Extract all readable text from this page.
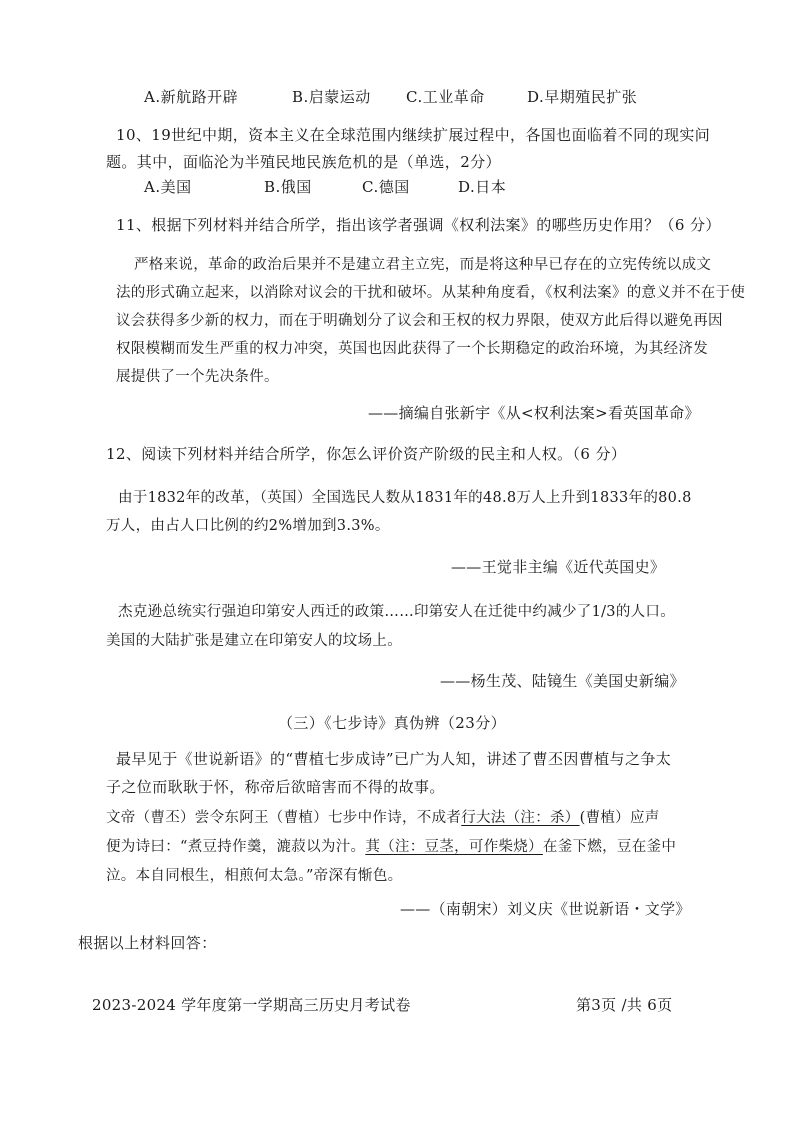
A.新航路开辟	B.启蒙运动 C.工业革命	D.早期殖民扩张
10、19世纪中期，资本主义在全球范围内继续扩展过程中，各国也面临着不同的现实问
题。其中，面临沦为半殖民地民族危机的是（单选，2分）
A.美国	B.俄国	C.德国	D.日本
11、根据下列材料并结合所学，指出该学者强调《权利法案》的哪些历史作用？（6 分）
严格来说，革命的政治后果并不是建立君主立宪，而是将这种早已存在的立宪传统以成文
法的形式确立起来，以消除对议会的干扰和破坏。从某种角度看，《权利法案》的意义并不在于使
议会获得多少新的权力，而在于明确划分了议会和王权的权力界限，使双方此后得以避免再因
权限模糊而发生严重的权力冲突，英国也因此获得了一个长期稳定的政治环境，为其经济发
展提供了一个先决条件。
——摘编自张新宇《从<权利法案>看英国革命》
12、阅读下列材料并结合所学，你怎么评价资产阶级的民主和人权。（6 分）
由于1832年的改革，（英国）全国选民人数从1831年的48.8万人上升到1833年的80.8
万人，由占人口比例的约2%增加到3.3%。
——王觉非主编《近代英国史》
杰克逊总统实行强迫印第安人西迁的政策……印第安人在迁徙中约减少了1/3的人口。
美国的大陆扩张是建立在印第安人的坟场上。
——杨生茂、陆镜生《美国史新编》
（三）《七步诗》真伪辨（23分）
最早见于《世说新语》的“曹植七步成诗”已广为人知，讲述了曹丕因曹植与之争太
子之位而耿耿于怀，称帝后欲暗害而不得的故事。
文帝（曹丕）尝令东阿王（曹植）七步中作诗，不成者行大法（注：杀）(曹植）应声
便为诗曰：“煮豆持作羹，漉菽以为汁。萁（注：豆茎，可作柴烧）在釜下燃，豆在釜中
泣。本自同根生，相煎何太急。”帝深有惭色。
——（南朝宋）刘义庆《世说新语・文学》
根据以上材料回答：
2023-2024 学年度第一学期高三历史月考试卷	第3页 /共 6页
